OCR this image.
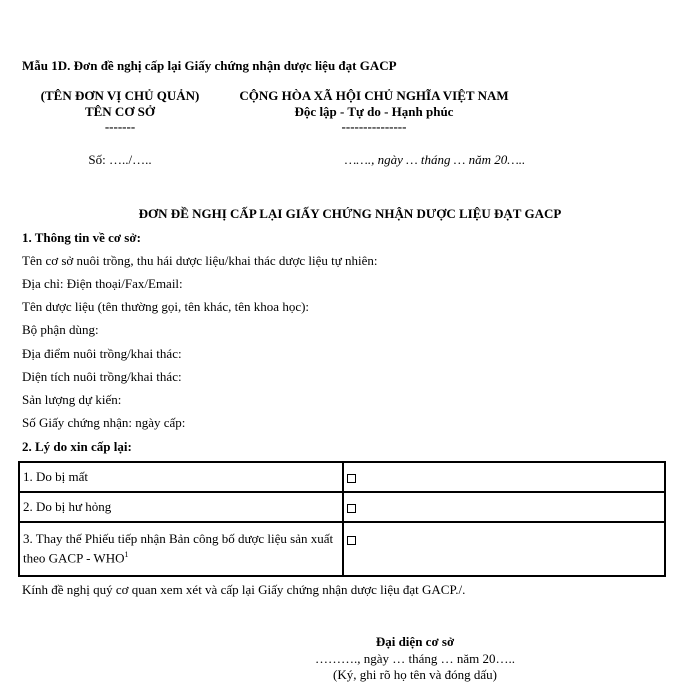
Mẫu 1D. Đơn đề nghị cấp lại Giấy chứng nhận dược liệu đạt GACP
(TÊN ĐƠN VỊ CHỦ QUẢN)
TÊN CƠ SỞ
-------
CỘNG HÒA XÃ HỘI CHỦ NGHĨA VIỆT NAM
Độc lập - Tự do - Hạnh phúc
---------------
Số: …../…..	……., ngày … tháng … năm 20…..
ĐƠN ĐỀ NGHỊ CẤP LẠI GIẤY CHỨNG NHẬN DƯỢC LIỆU ĐẠT GACP
1. Thông tin về cơ sở:
Tên cơ sở nuôi trồng, thu hái dược liệu/khai thác dược liệu tự nhiên:
Địa chỉ: Điện thoại/Fax/Email:
Tên dược liệu (tên thường gọi, tên khác, tên khoa học):
Bộ phận dùng:
Địa điểm nuôi trồng/khai thác:
Diện tích nuôi trồng/khai thác:
Sản lượng dự kiến:
Số Giấy chứng nhận: ngày cấp:
2. Lý do xin cấp lại:
1. Do bị mất	
2. Do bị hư hỏng	
3. Thay thế Phiếu tiếp nhận Bản công bố dược liệu sản xuất theo GACP - WHO$^1$	
Kính đề nghị quý cơ quan xem xét và cấp lại Giấy chứng nhận dược liệu đạt GACP./.
Đại diện cơ sở
………., ngày … tháng … năm 20…..
(Ký, ghi rõ họ tên và đóng dấu)
